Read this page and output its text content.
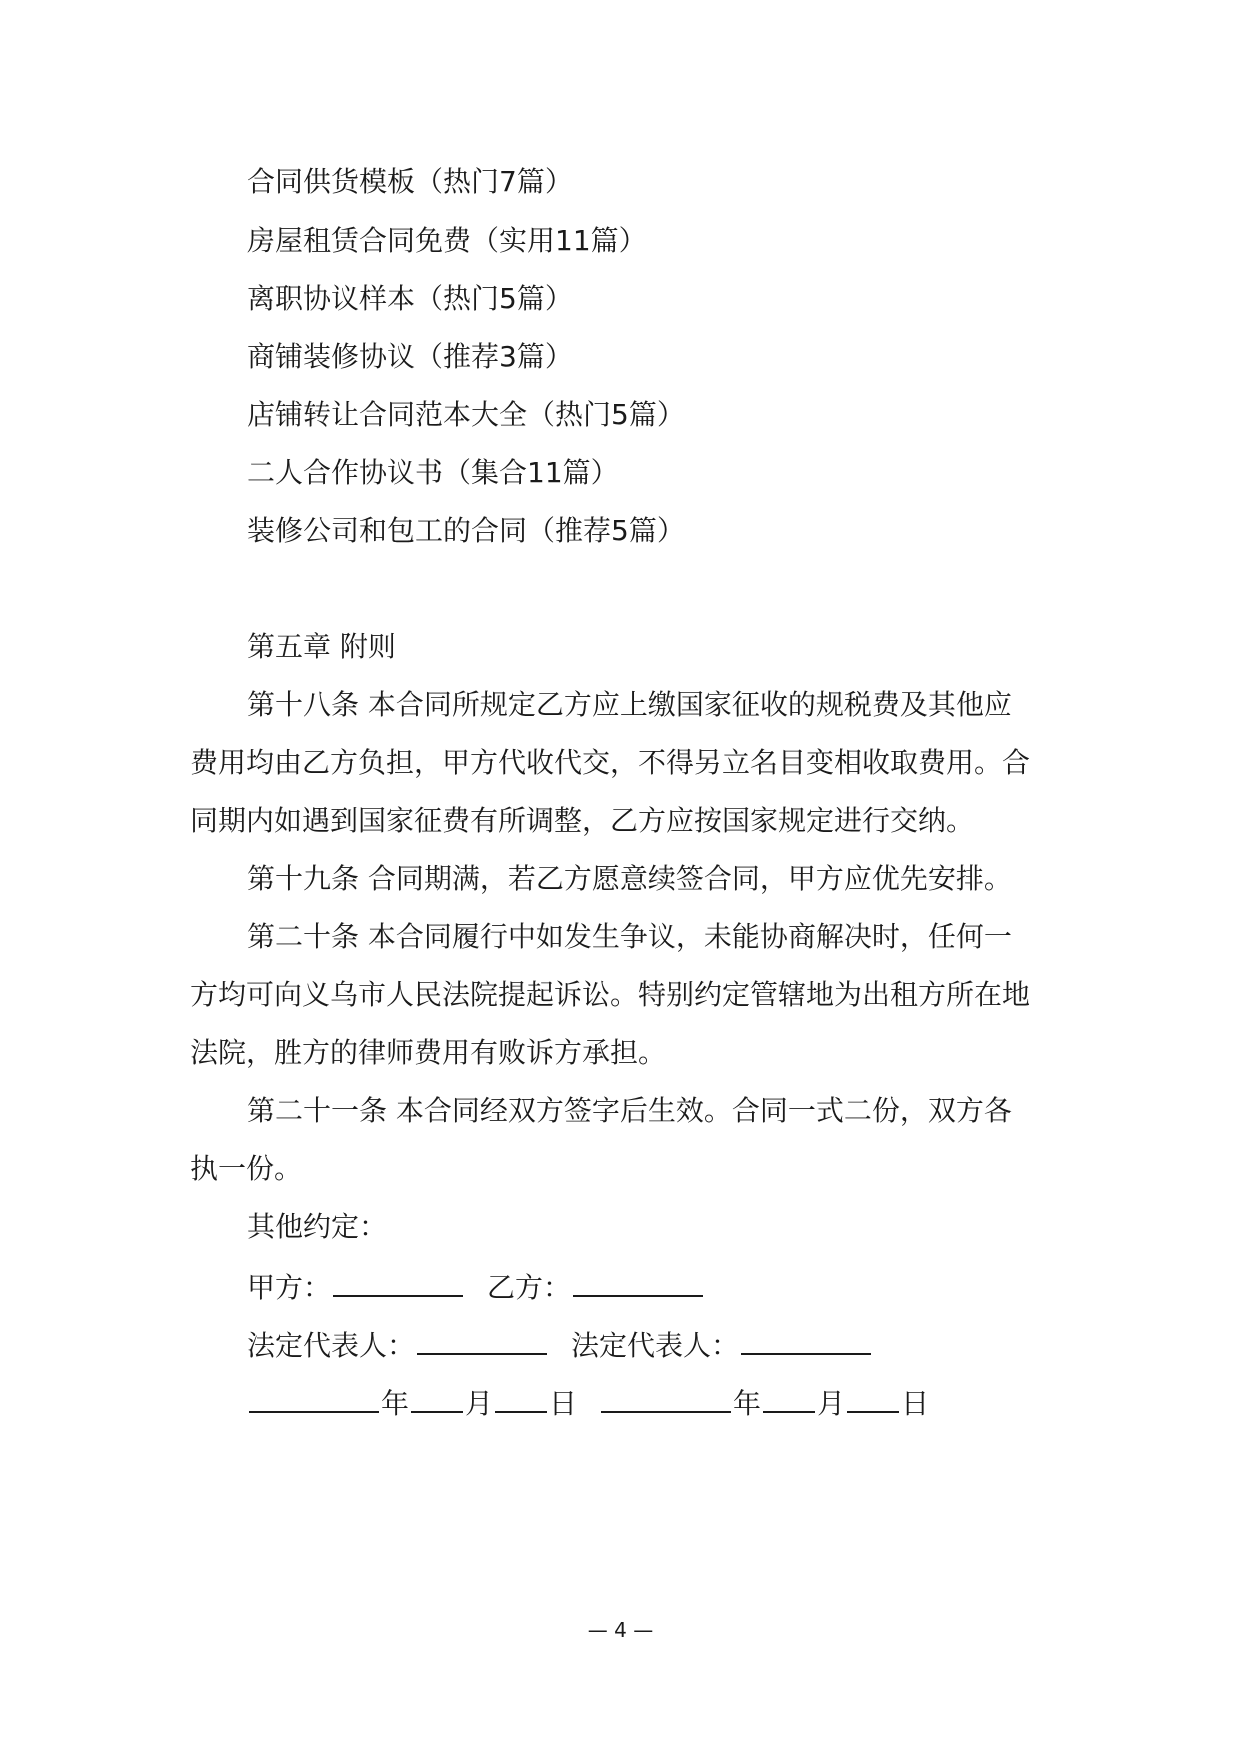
合同供货模板（热门7篇）
房屋租赁合同免费（实用11篇）
离职协议样本（热门5篇）
商铺装修协议（推荐3篇）
店铺转让合同范本大全（热门5篇）
二人合作协议书（集合11篇）
装修公司和包工的合同（推荐5篇）
第五章 附则
第十八条 本合同所规定乙方应上缴国家征收的规税费及其他应
费用均由乙方负担，甲方代收代交，不得另立名目变相收取费用。合
同期内如遇到国家征费有所调整，乙方应按国家规定进行交纳。
第十九条 合同期满，若乙方愿意续签合同，甲方应优先安排。
第二十条 本合同履行中如发生争议，未能协商解决时，任何一
方均可向义乌市人民法院提起诉讼。特别约定管辖地为出租方所在地
法院，胜方的律师费用有败诉方承担。
第二十一条 本合同经双方签字后生效。合同一式二份，双方各
执一份。
其他约定：
甲方：	乙方：
法定代表人：	法定代表人：
年 月 日	年 月 日
— 4 —
